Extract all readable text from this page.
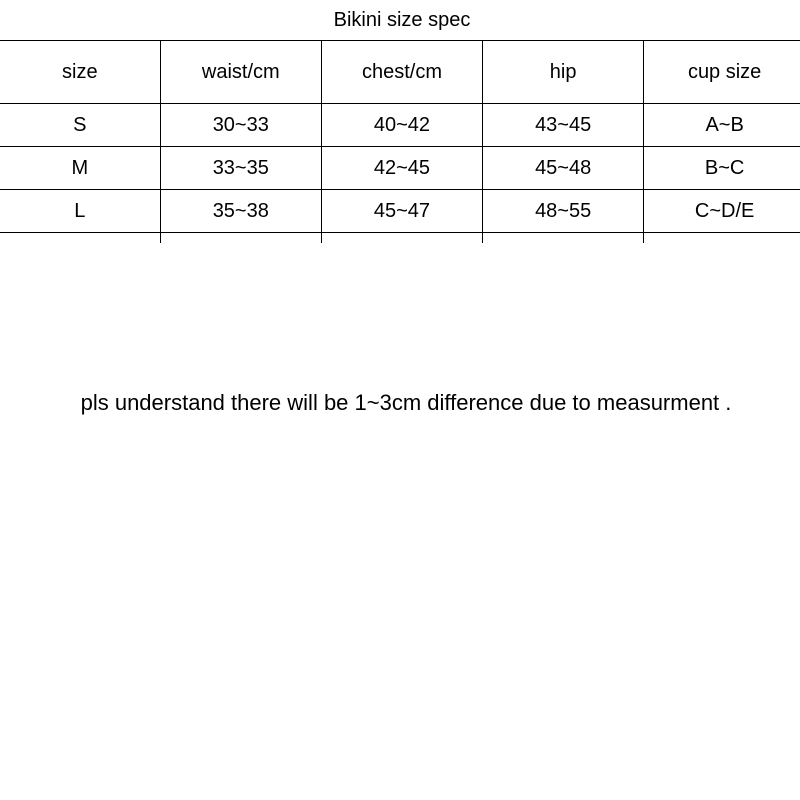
Bikini size spec
size	waist/cm	chest/cm	hip	cup size
S	30~33	40~42	43~45	A~B
M	33~35	42~45	45~48	B~C
L	35~38	45~47	48~55	C~D/E

pls understand there will be 1~3cm difference due to measurment .
